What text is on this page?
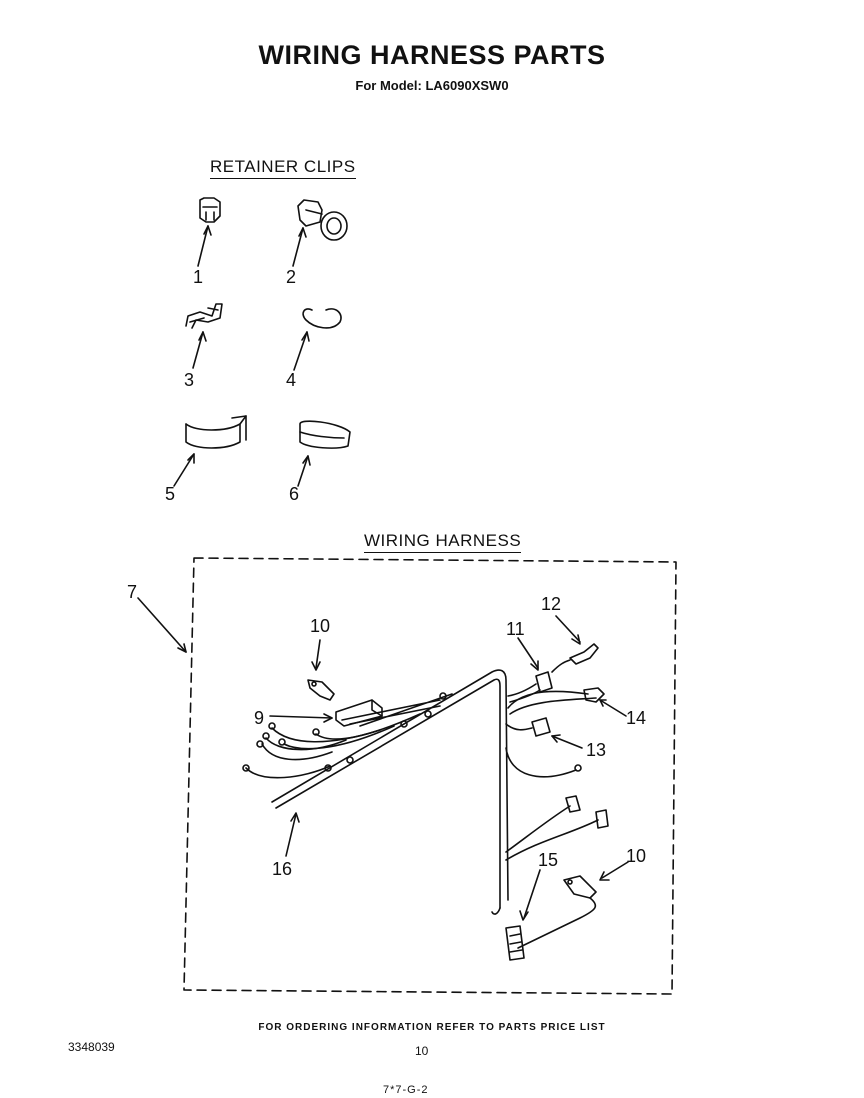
WIRING HARNESS PARTS
For Model: LA6090XSW0
RETAINER CLIPS
WIRING HARNESS
1	2
3	4
5	6
7
9
10
10
11
12
13
14
15
16
FOR ORDERING INFORMATION REFER TO PARTS PRICE LIST
3348039	10
7*7-G-2
